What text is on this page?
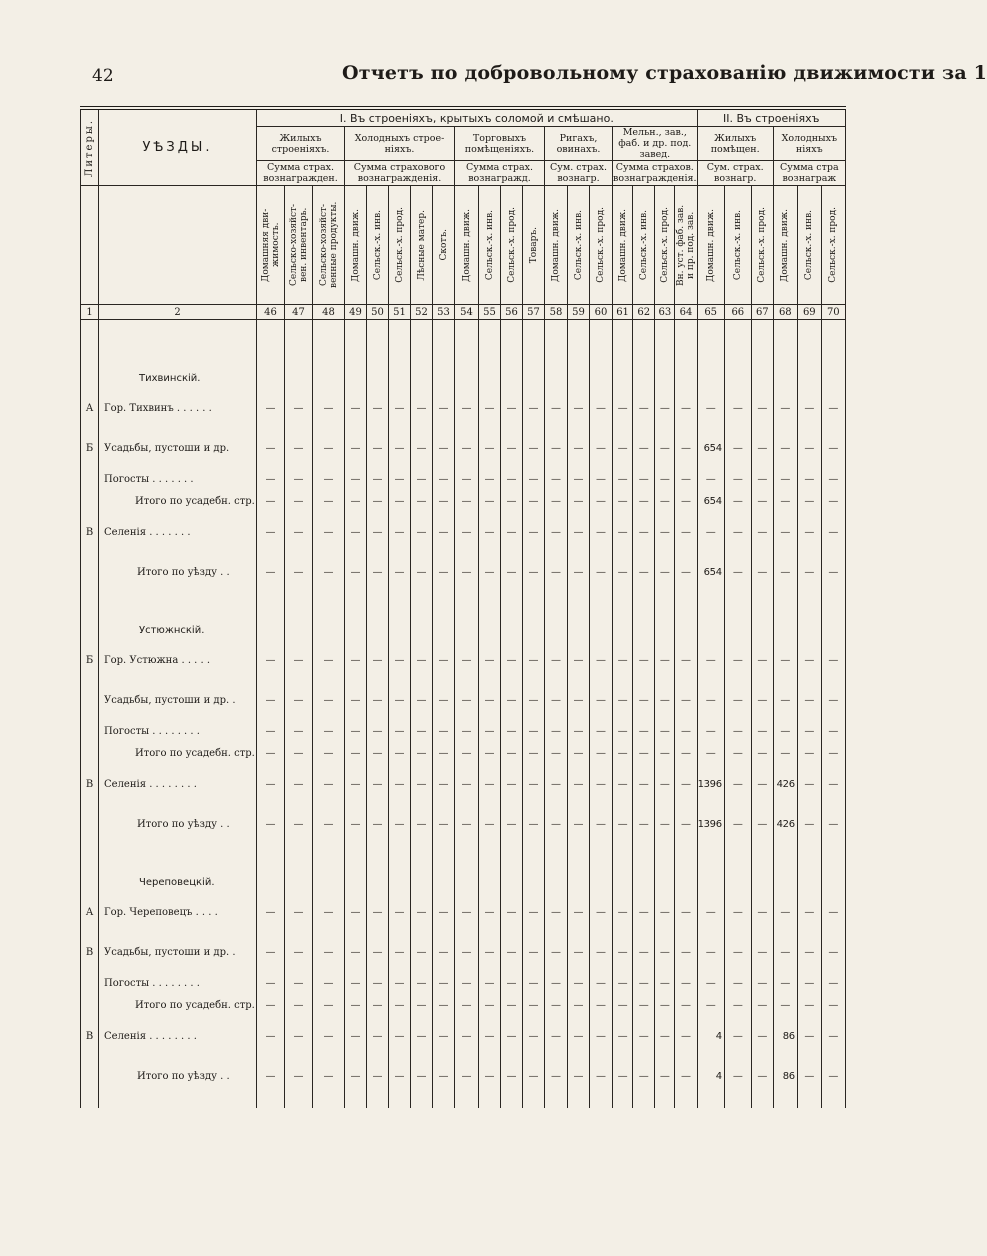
42	Отчетъ по добровольному страхованію движимости за 1
Литеры.	УѢЗДЫ.	I. Въ строеніяхъ, крытыхъ соломой и смѣшано.																			II. Въ строеніяхъ					
		Жилыхъ строеніяхъ.			Холодныхъ строе-ніяхъ.					Торговыхъ помѣщеніяхъ.				Ригахъ, овинахъ.			Мельн., зав., фаб. и др. под. завед.				Жилыхъ помѣщен.			Холодныхъ ніяхъ		
		Сумма страх. вознагражден.			Сумма страхового вознагражденія.					Сумма страх. вознагражд.				Сум. страх. вознагр.			Сумма страхов. вознагражденія.				Сум. страх. вознагр.			Сумма стра вознаграж		

		Домашняя дви-жимость.	Сельско-хозяйст-вен. инвентарь.	Сельско-хозяйст-венные продукты.	Домашн. движ.	Сельск.-х. инв.	Сельск.-х. прод.	Лѣсные матер.	Скотъ.	Домашн. движ.	Сельск.-х. инв.	Сельск.-х. прод.	Товаръ.	Домашн. движ.	Сельск.-х. инв.	Сельск.-х. прод.	Домашн. движ.	Сельск.-х. инв.	Сельск.-х. прод.	Вн. уст. фаб. зав. и пр. под. зав.	Домашн. движ.	Сельск.-х. инв.	Сельск.-х. прод.	Домашн. движ.	Сельск.-х. инв.	Сельск.-х. прод.

1	2	46	47	48	49	50	51	52	53	54	55	56	57	58	59	60	61	62	63	64	65	66	67	68	69	70

	Тихвинскій.																									
А	Гор. Тихвинъ . . . . . .	—	—	—	—	—	—	—	—	—	—	—	—	—	—	—	—	—	—	—	—	—	—	—	—	—
Б	Усадьбы, пустоши и др.	—	—	—	—	—	—	—	—	—	—	—	—	—	—	—	—	—	—	—	654	—	—	—	—	—
	Погосты . . . . . . .	—	—	—	—	—	—	—	—	—	—	—	—	—	—	—	—	—	—	—	—	—	—	—	—	—
	Итого по усадебн. стр.	—	—	—	—	—	—	—	—	—	—	—	—	—	—	—	—	—	—	—	654	—	—	—	—	—
В	Селенія . . . . . . .	—	—	—	—	—	—	—	—	—	—	—	—	—	—	—	—	—	—	—	—	—	—	—	—	—
	Итого по уѣзду . .	—	—	—	—	—	—	—	—	—	—	—	—	—	—	—	—	—	—	—	654	—	—	—	—	—
	Устюжнскій.																									
Б	Гор. Устюжна . . . . .	—	—	—	—	—	—	—	—	—	—	—	—	—	—	—	—	—	—	—	—	—	—	—	—	—
	Усадьбы, пустоши и др. .	—	—	—	—	—	—	—	—	—	—	—	—	—	—	—	—	—	—	—	—	—	—	—	—	—
	Погосты . . . . . . . .	—	—	—	—	—	—	—	—	—	—	—	—	—	—	—	—	—	—	—	—	—	—	—	—	—
	Итого по усадебн. стр.	—	—	—	—	—	—	—	—	—	—	—	—	—	—	—	—	—	—	—	—	—	—	—	—	—
В	Селенія . . . . . . . .	—	—	—	—	—	—	—	—	—	—	—	—	—	—	—	—	—	—	—	1396	—	—	426	—	—
	Итого по уѣзду . .	—	—	—	—	—	—	—	—	—	—	—	—	—	—	—	—	—	—	—	1396	—	—	426	—	—
	Череповецкій.																									
А	Гор. Череповецъ . . . .	—	—	—	—	—	—	—	—	—	—	—	—	—	—	—	—	—	—	—	—	—	—	—	—	—
В	Усадьбы, пустоши и др. .	—	—	—	—	—	—	—	—	—	—	—	—	—	—	—	—	—	—	—	—	—	—	—	—	—
	Погосты . . . . . . . .	—	—	—	—	—	—	—	—	—	—	—	—	—	—	—	—	—	—	—	—	—	—	—	—	—
	Итого по усадебн. стр.	—	—	—	—	—	—	—	—	—	—	—	—	—	—	—	—	—	—	—	—	—	—	—	—	—
В	Селенія . . . . . . . .	—	—	—	—	—	—	—	—	—	—	—	—	—	—	—	—	—	—	—	4	—	—	86	—	—
	Итого по уѣзду . .	—	—	—	—	—	—	—	—	—	—	—	—	—	—	—	—	—	—	—	4	—	—	86	—	—
